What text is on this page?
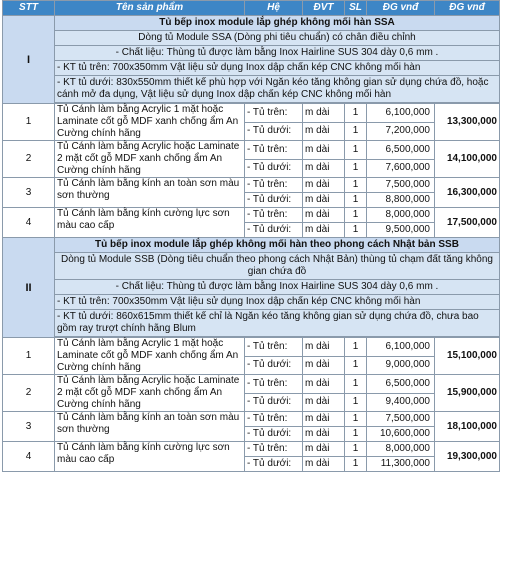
STT	Tên sản phẩm	Hệ	ĐVT	SL	ĐG vnđ	ĐG vnđ
I	Tủ bếp inox module lắp ghép không mối hàn SSA					
	Dòng tủ Module SSA (Dòng phi tiêu chuẩn) có chân điều chỉnh					
	- Chất liệu: Thùng tủ được làm bằng Inox Hairline SUS 304 dày 0,6 mm .					
	- KT tủ trên: 700x350mm Vật liệu sử dụng Inox dập chấn kép CNC không mối hàn					
	- KT tủ dưới: 830x550mm thiết kế phù hợp với Ngăn kéo tăng không gian sử dụng chứa đồ, hoặc cánh mở đa dụng, Vật liệu sử dụng Inox dập chấn kép CNC không mối hàn					

1	Tủ Cánh làm bằng Acrylic 1 mặt hoặc Laminate cốt gỗ MDF xanh chống ẩm An Cường chính hãng	- Tủ trên:	m dài	1	6,100,000	13,300,000
		- Tủ dưới:	m dài	1	7,200,000	
2	Tủ Cánh làm bằng Acrylic hoặc Laminate 2 mặt cốt gỗ MDF xanh chống ẩm An Cường chính hãng	- Tủ trên:	m dài	1	6,500,000	14,100,000
		- Tủ dưới:	m dài	1	7,600,000	
3	Tủ Cánh làm bằng kính an toàn sơn màu sơn thường	- Tủ trên:	m dài	1	7,500,000	16,300,000
		- Tủ dưới:	m dài	1	8,800,000	
4	Tủ Cánh làm bằng kính cường lực sơn màu cao cấp	- Tủ trên:	m dài	1	8,000,000	17,500,000
		- Tủ dưới:	m dài	1	9,500,000	
II	Tủ bếp inox module lắp ghép không mối hàn theo phong cách Nhật bản SSB					
	Dòng tủ Module SSB (Dòng tiêu chuẩn theo phong cách Nhật Bản) thùng tủ chạm đất tăng không gian chứa đồ					
	- Chất liệu: Thùng tủ được làm bằng Inox Hairline SUS 304 dày 0,6 mm .					
	- KT tủ trên: 700x350mm Vật liệu sử dụng Inox dập chấn kép CNC không mối hàn					
	- KT tủ dưới: 860x615mm thiết kế chỉ là Ngăn kéo tăng không gian sử dụng chứa đồ, chưa bao gồm ray trượt chính hãng Blum					

1	Tủ Cánh làm bằng Acrylic 1 mặt hoặc Laminate cốt gỗ MDF xanh chống ẩm An Cường chính hãng	- Tủ trên:	m dài	1	6,100,000	15,100,000
		- Tủ dưới:	m dài	1	9,000,000	
2	Tủ Cánh làm bằng Acrylic hoặc Laminate 2 mặt cốt gỗ MDF xanh chống ẩm An Cường chính hãng	- Tủ trên:	m dài	1	6,500,000	15,900,000
		- Tủ dưới:	m dài	1	9,400,000	
3	Tủ Cánh làm bằng kính an toàn sơn màu sơn thường	- Tủ trên:	m dài	1	7,500,000	18,100,000
		- Tủ dưới:	m dài	1	10,600,000	
4	Tủ Cánh làm bằng kính cường lực sơn màu cao cấp	- Tủ trên:	m dài	1	8,000,000	19,300,000
		- Tủ dưới:	m dài	1	11,300,000	
